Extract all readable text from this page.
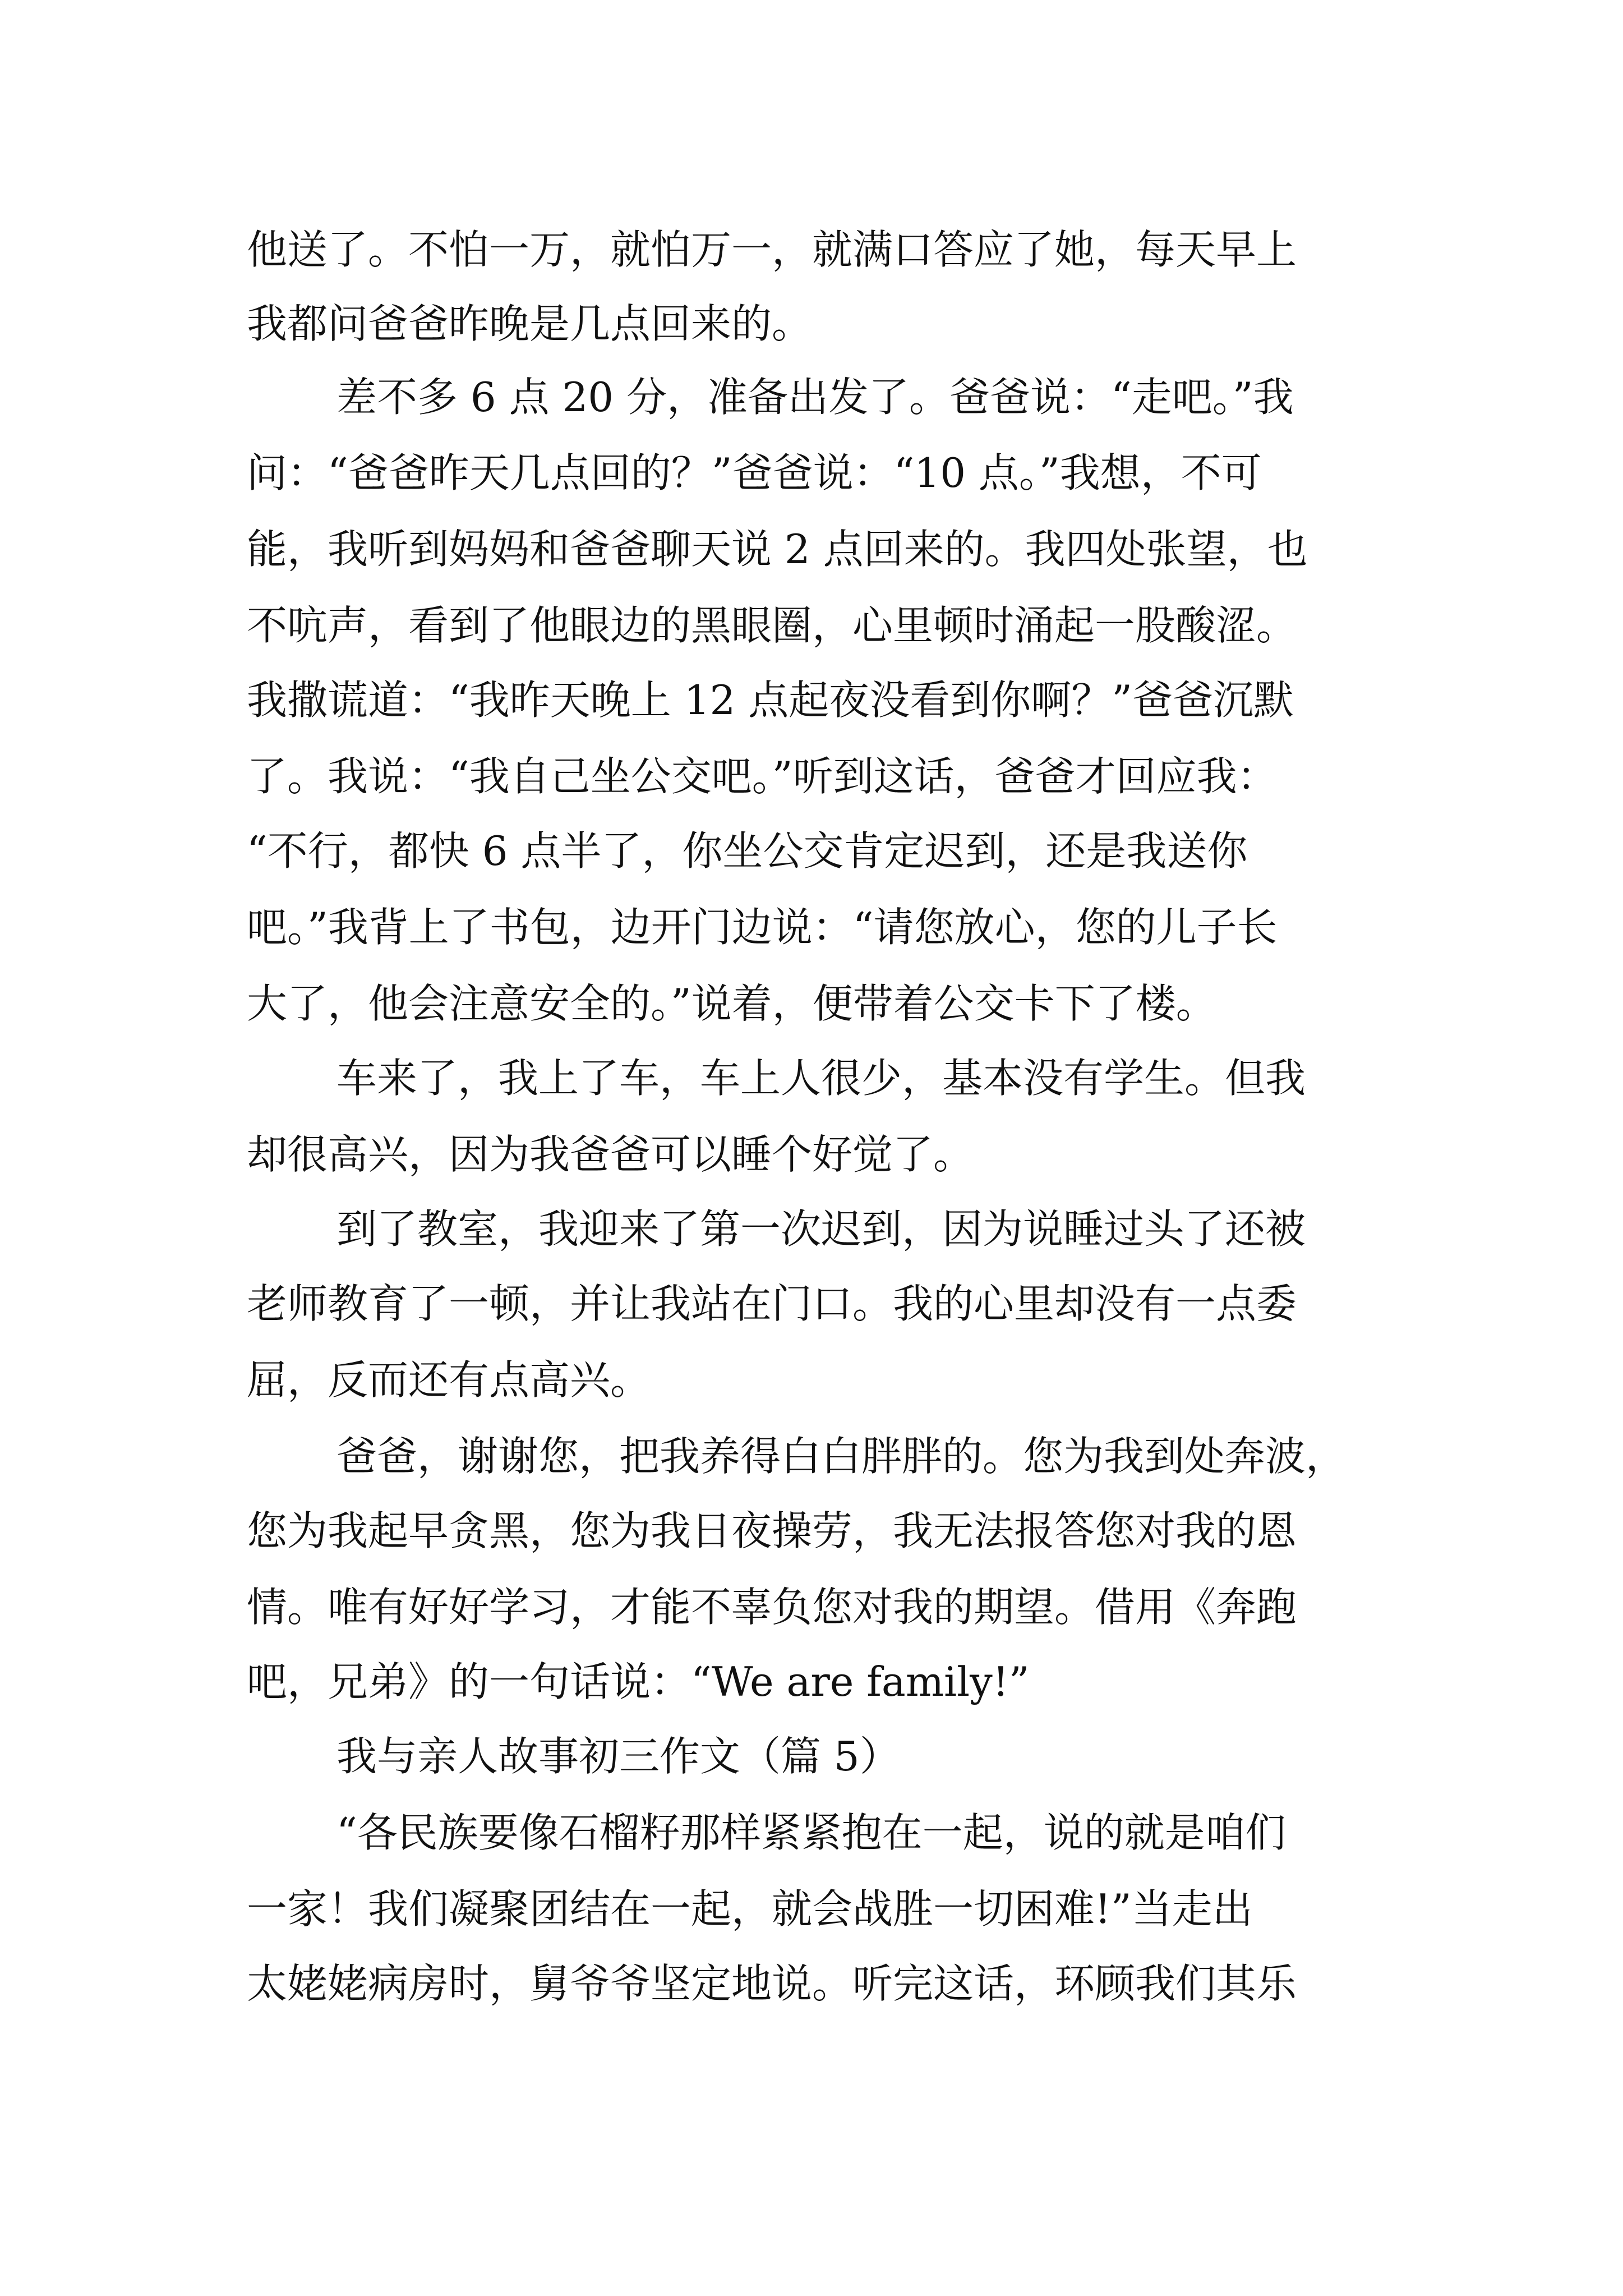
他送了。不怕一万，就怕万一，就满口答应了她，每天早上

我都问爸爸昨晚是几点回来的。

差不多 6 点 20 分，准备出发了。爸爸说：“走吧。”我

问：“爸爸昨天几点回的？”爸爸说：“10 点。”我想，不可

能，我听到妈妈和爸爸聊天说 2 点回来的。我四处张望，也

不吭声，看到了他眼边的黑眼圈，心里顿时涌起一股酸涩。

我撒谎道：“我昨天晚上 12 点起夜没看到你啊？”爸爸沉默

了。我说：“我自己坐公交吧。”听到这话，爸爸才回应我：

“不行，都快 6 点半了，你坐公交肯定迟到，还是我送你

吧。”我背上了书包，边开门边说：“请您放心，您的儿子长

大了，他会注意安全的。”说着，便带着公交卡下了楼。

车来了，我上了车，车上人很少，基本没有学生。但我

却很高兴，因为我爸爸可以睡个好觉了。

到了教室，我迎来了第一次迟到，因为说睡过头了还被

老师教育了一顿，并让我站在门口。我的心里却没有一点委

屈，反而还有点高兴。

爸爸，谢谢您，把我养得白白胖胖的。您为我到处奔波，

您为我起早贪黑，您为我日夜操劳，我无法报答您对我的恩

情。唯有好好学习，才能不辜负您对我的期望。借用《奔跑

吧，兄弟》的一句话说：“We are family!”

我与亲人故事初三作文（篇 5）

“各民族要像石榴籽那样紧紧抱在一起，说的就是咱们

一家！我们凝聚团结在一起，就会战胜一切困难!”当走出

太姥姥病房时，舅爷爷坚定地说。听完这话，环顾我们其乐
